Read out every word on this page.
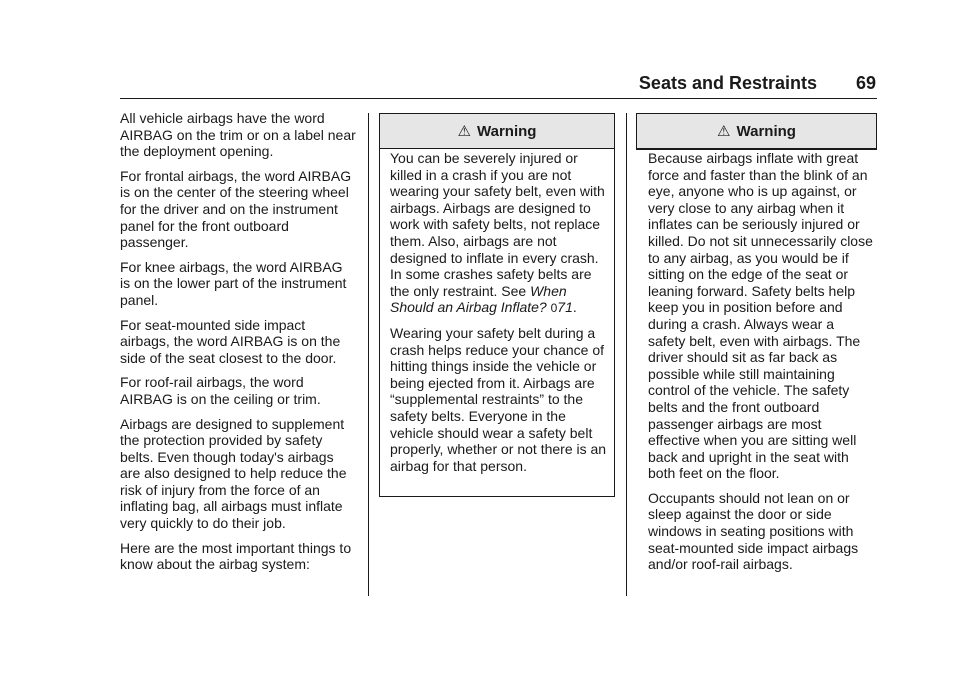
Seats and Restraints	69

All vehicle airbags have the word AIRBAG on the trim or on a label near the deployment opening.

For frontal airbags, the word AIRBAG is on the center of the steering wheel for the driver and on the instrument panel for the front outboard passenger.

For knee airbags, the word AIRBAG is on the lower part of the instrument panel.

For seat-mounted side impact airbags, the word AIRBAG is on the side of the seat closest to the door.

For roof-rail airbags, the word AIRBAG is on the ceiling or trim.

Airbags are designed to supplement the protection provided by safety belts. Even though today's airbags are also designed to help reduce the risk of injury from the force of an inflating bag, all airbags must inflate very quickly to do their job.

Here are the most important things to know about the airbag system:

⚠ Warning

You can be severely injured or killed in a crash if you are not wearing your safety belt, even with airbags. Airbags are designed to work with safety belts, not replace them. Also, airbags are not designed to inflate in every crash. In some crashes safety belts are the only restraint. See When Should an Airbag Inflate? 071.

Wearing your safety belt during a crash helps reduce your chance of hitting things inside the vehicle or being ejected from it. Airbags are “supplemental restraints” to the safety belts. Everyone in the vehicle should wear a safety belt properly, whether or not there is an airbag for that person.

⚠ Warning

Because airbags inflate with great force and faster than the blink of an eye, anyone who is up against, or very close to any airbag when it inflates can be seriously injured or killed. Do not sit unnecessarily close to any airbag, as you would be if sitting on the edge of the seat or leaning forward. Safety belts help keep you in position before and during a crash. Always wear a safety belt, even with airbags. The driver should sit as far back as possible while still maintaining control of the vehicle. The safety belts and the front outboard passenger airbags are most effective when you are sitting well back and upright in the seat with both feet on the floor.

Occupants should not lean on or sleep against the door or side windows in seating positions with seat-mounted side impact airbags and/or roof-rail airbags.
